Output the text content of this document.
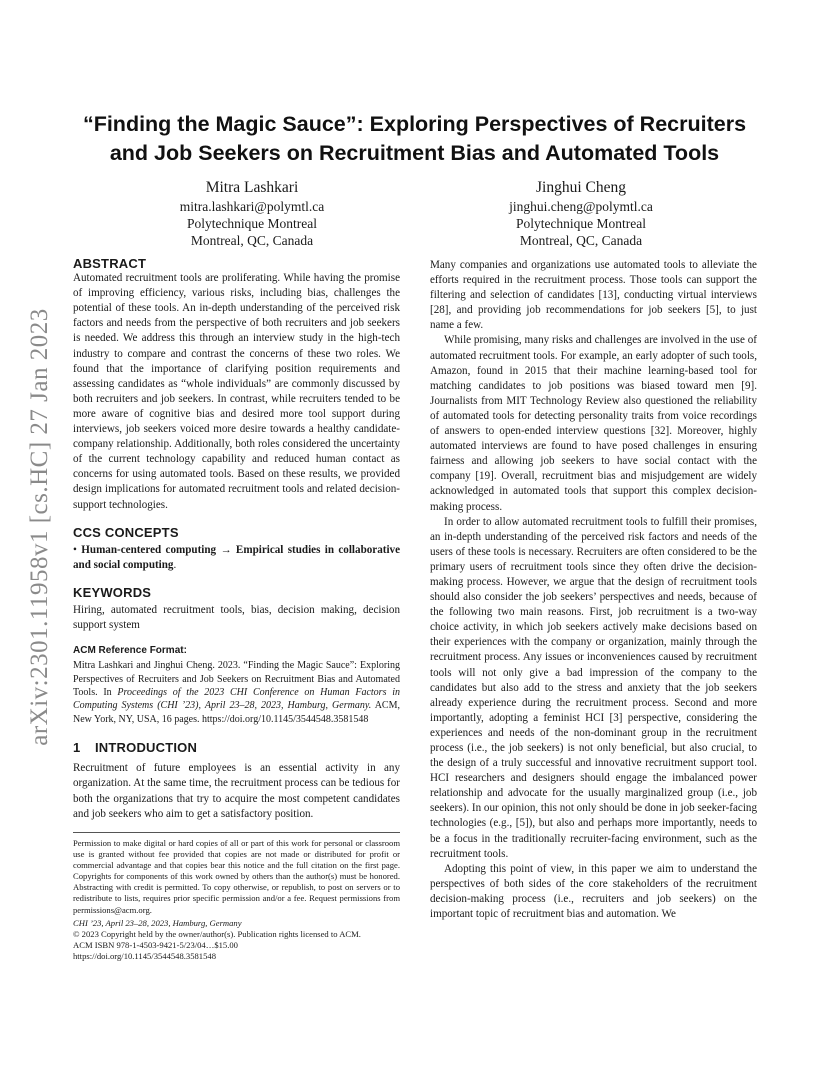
arXiv:2301.11958v1 [cs.HC] 27 Jan 2023
“Finding the Magic Sauce”: Exploring Perspectives of Recruiters and Job Seekers on Recruitment Bias and Automated Tools
Mitra Lashkari
mitra.lashkari@polymtl.ca
Polytechnique Montreal
Montreal, QC, Canada
Jinghui Cheng
jinghui.cheng@polymtl.ca
Polytechnique Montreal
Montreal, QC, Canada
ABSTRACT

Automated recruitment tools are proliferating. While having the promise of improving efficiency, various risks, including bias, challenges the potential of these tools. An in-depth understanding of the perceived risk factors and needs from the perspective of both recruiters and job seekers is needed. We address this through an interview study in the high-tech industry to compare and contrast the concerns of these two roles. We found that the importance of clarifying position requirements and assessing candidates as “whole individuals” are commonly discussed by both recruiters and job seekers. In contrast, while recruiters tended to be more aware of cognitive bias and desired more tool support during interviews, job seekers voiced more desire towards a healthy candidate-company relationship. Additionally, both roles considered the uncertainty of the current technology capability and reduced human contact as concerns for using automated tools. Based on these results, we provided design implications for automated recruitment tools and related decision-support technologies.

CCS CONCEPTS

• Human-centered computing → Empirical studies in collaborative and social computing.

KEYWORDS

Hiring, automated recruitment tools, bias, decision making, decision support system

ACM Reference Format:

Mitra Lashkari and Jinghui Cheng. 2023. “Finding the Magic Sauce”: Exploring Perspectives of Recruiters and Job Seekers on Recruitment Bias and Automated Tools. In Proceedings of the 2023 CHI Conference on Human Factors in Computing Systems (CHI ’23), April 23–28, 2023, Hamburg, Germany. ACM, New York, NY, USA, 16 pages. https://doi.org/10.1145/3544548.3581548

1 INTRODUCTION

Recruitment of future employees is an essential activity in any organization. At the same time, the recruitment process can be tedious for both the organizations that try to acquire the most competent candidates and job seekers who aim to get a satisfactory position.

Permission to make digital or hard copies of all or part of this work for personal or classroom use is granted without fee provided that copies are not made or distributed for profit or commercial advantage and that copies bear this notice and the full citation on the first page. Copyrights for components of this work owned by others than the author(s) must be honored. Abstracting with credit is permitted. To copy otherwise, or republish, to post on servers or to redistribute to lists, requires prior specific permission and/or a fee. Request permissions from permissions@acm.org.

CHI ’23, April 23–28, 2023, Hamburg, Germany

© 2023 Copyright held by the owner/author(s). Publication rights licensed to ACM.

ACM ISBN 978-1-4503-9421-5/23/04…$15.00

https://doi.org/10.1145/3544548.3581548

Many companies and organizations use automated tools to alleviate the efforts required in the recruitment process. Those tools can support the filtering and selection of candidates [13], conducting virtual interviews [28], and providing job recommendations for job seekers [5], to just name a few.

While promising, many risks and challenges are involved in the use of automated recruitment tools. For example, an early adopter of such tools, Amazon, found in 2015 that their machine learning-based tool for matching candidates to job positions was biased toward men [9]. Journalists from MIT Technology Review also questioned the reliability of automated tools for detecting personality traits from voice recordings of answers to open-ended interview questions [32]. Moreover, highly automated interviews are found to have posed challenges in ensuring fairness and allowing job seekers to have social contact with the company [19]. Overall, recruitment bias and misjudgement are widely acknowledged in automated tools that support this complex decision-making process.

In order to allow automated recruitment tools to fulfill their promises, an in-depth understanding of the perceived risk factors and needs of the users of these tools is necessary. Recruiters are often considered to be the primary users of recruitment tools since they often drive the decision-making process. However, we argue that the design of recruitment tools should also consider the job seekers’ perspectives and needs, because of the following two main reasons. First, job recruitment is a two-way choice activity, in which job seekers actively make decisions based on their experiences with the company or organization, mainly through the recruitment process. Any issues or inconveniences caused by recruitment tools will not only give a bad impression of the company to the candidates but also add to the stress and anxiety that the job seekers already experience during the recruitment process. Second and more importantly, adopting a feminist HCI [3] perspective, considering the experiences and needs of the non-dominant group in the recruitment process (i.e., the job seekers) is not only beneficial, but also crucial, to the design of a truly successful and innovative recruitment support tool. HCI researchers and designers should engage the imbalanced power relationship and advocate for the usually marginalized group (i.e., job seekers). In our opinion, this not only should be done in job seeker-facing technologies (e.g., [5]), but also and perhaps more importantly, needs to be a focus in the traditionally recruiter-facing environment, such as the recruitment tools.

Adopting this point of view, in this paper we aim to understand the perspectives of both sides of the core stakeholders of the recruitment decision-making process (i.e., recruiters and job seekers) on the important topic of recruitment bias and automation. We
